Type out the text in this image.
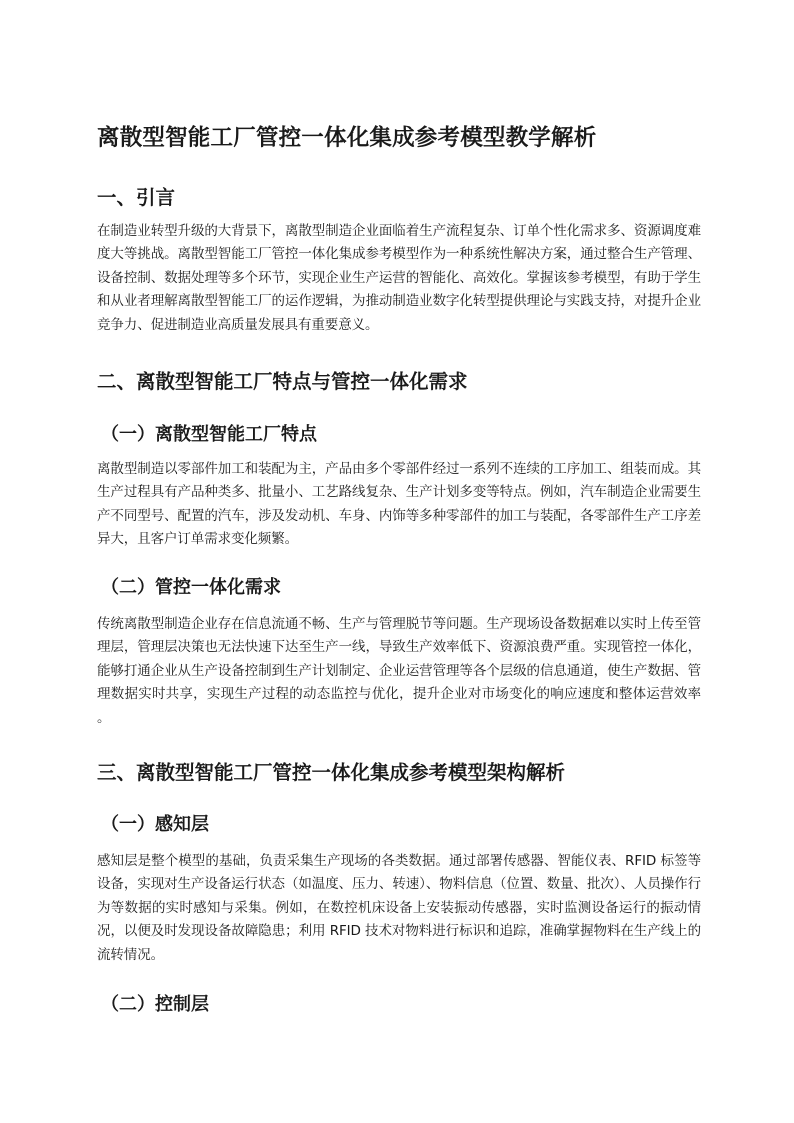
离散型智能工厂管控一体化集成参考模型教学解析
一、引言

在制造业转型升级的大背景下，离散型制造企业面临着生产流程复杂、订单个性化需求多、资源调度难度大等挑战。离散型智能工厂管控一体化集成参考模型作为一种系统性解决方案，通过整合生产管理、设备控制、数据处理等多个环节，实现企业生产运营的智能化、高效化。掌握该参考模型，有助于学生和从业者理解离散型智能工厂的运作逻辑，为推动制造业数字化转型提供理论与实践支持，对提升企业竞争力、促进制造业高质量发展具有重要意义。

二、离散型智能工厂特点与管控一体化需求
（一）离散型智能工厂特点

离散型制造以零部件加工和装配为主，产品由多个零部件经过一系列不连续的工序加工、组装而成。其生产过程具有产品种类多、批量小、工艺路线复杂、生产计划多变等特点。例如，汽车制造企业需要生产不同型号、配置的汽车，涉及发动机、车身、内饰等多种零部件的加工与装配，各零部件生产工序差异大，且客户订单需求变化频繁。

（二）管控一体化需求

传统离散型制造企业存在信息流通不畅、生产与管理脱节等问题。生产现场设备数据难以实时上传至管理层，管理层决策也无法快速下达至生产一线，导致生产效率低下、资源浪费严重。实现管控一体化，能够打通企业从生产设备控制到生产计划制定、企业运营管理等各个层级的信息通道，使生产数据、管理数据实时共享，实现生产过程的动态监控与优化，提升企业对市场变化的响应速度和整体运营效率 。

三、离散型智能工厂管控一体化集成参考模型架构解析
（一）感知层

感知层是整个模型的基础，负责采集生产现场的各类数据。通过部署传感器、智能仪表、RFID 标签等设备，实现对生产设备运行状态（如温度、压力、转速）、物料信息（位置、数量、批次）、人员操作行为等数据的实时感知与采集。例如，在数控机床设备上安装振动传感器，实时监测设备运行的振动情况，以便及时发现设备故障隐患；利用 RFID 技术对物料进行标识和追踪，准确掌握物料在生产线上的流转情况。

（二）控制层
